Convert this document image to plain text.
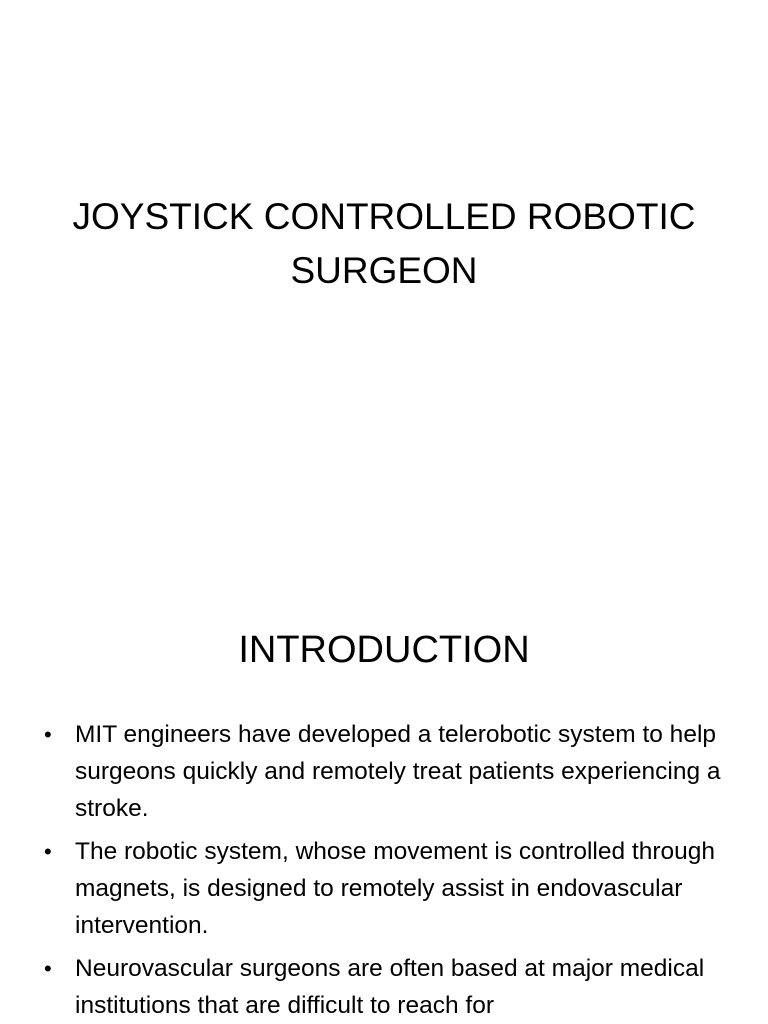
JOYSTICK CONTROLLED ROBOTIC SURGEON
INTRODUCTION
• MIT engineers have developed a telerobotic system to help surgeons quickly and remotely treat patients experiencing a stroke.
• The robotic system, whose movement is controlled through magnets, is designed to remotely assist in endovascular intervention.
• Neurovascular surgeons are often based at major medical institutions that are difficult to reach for
